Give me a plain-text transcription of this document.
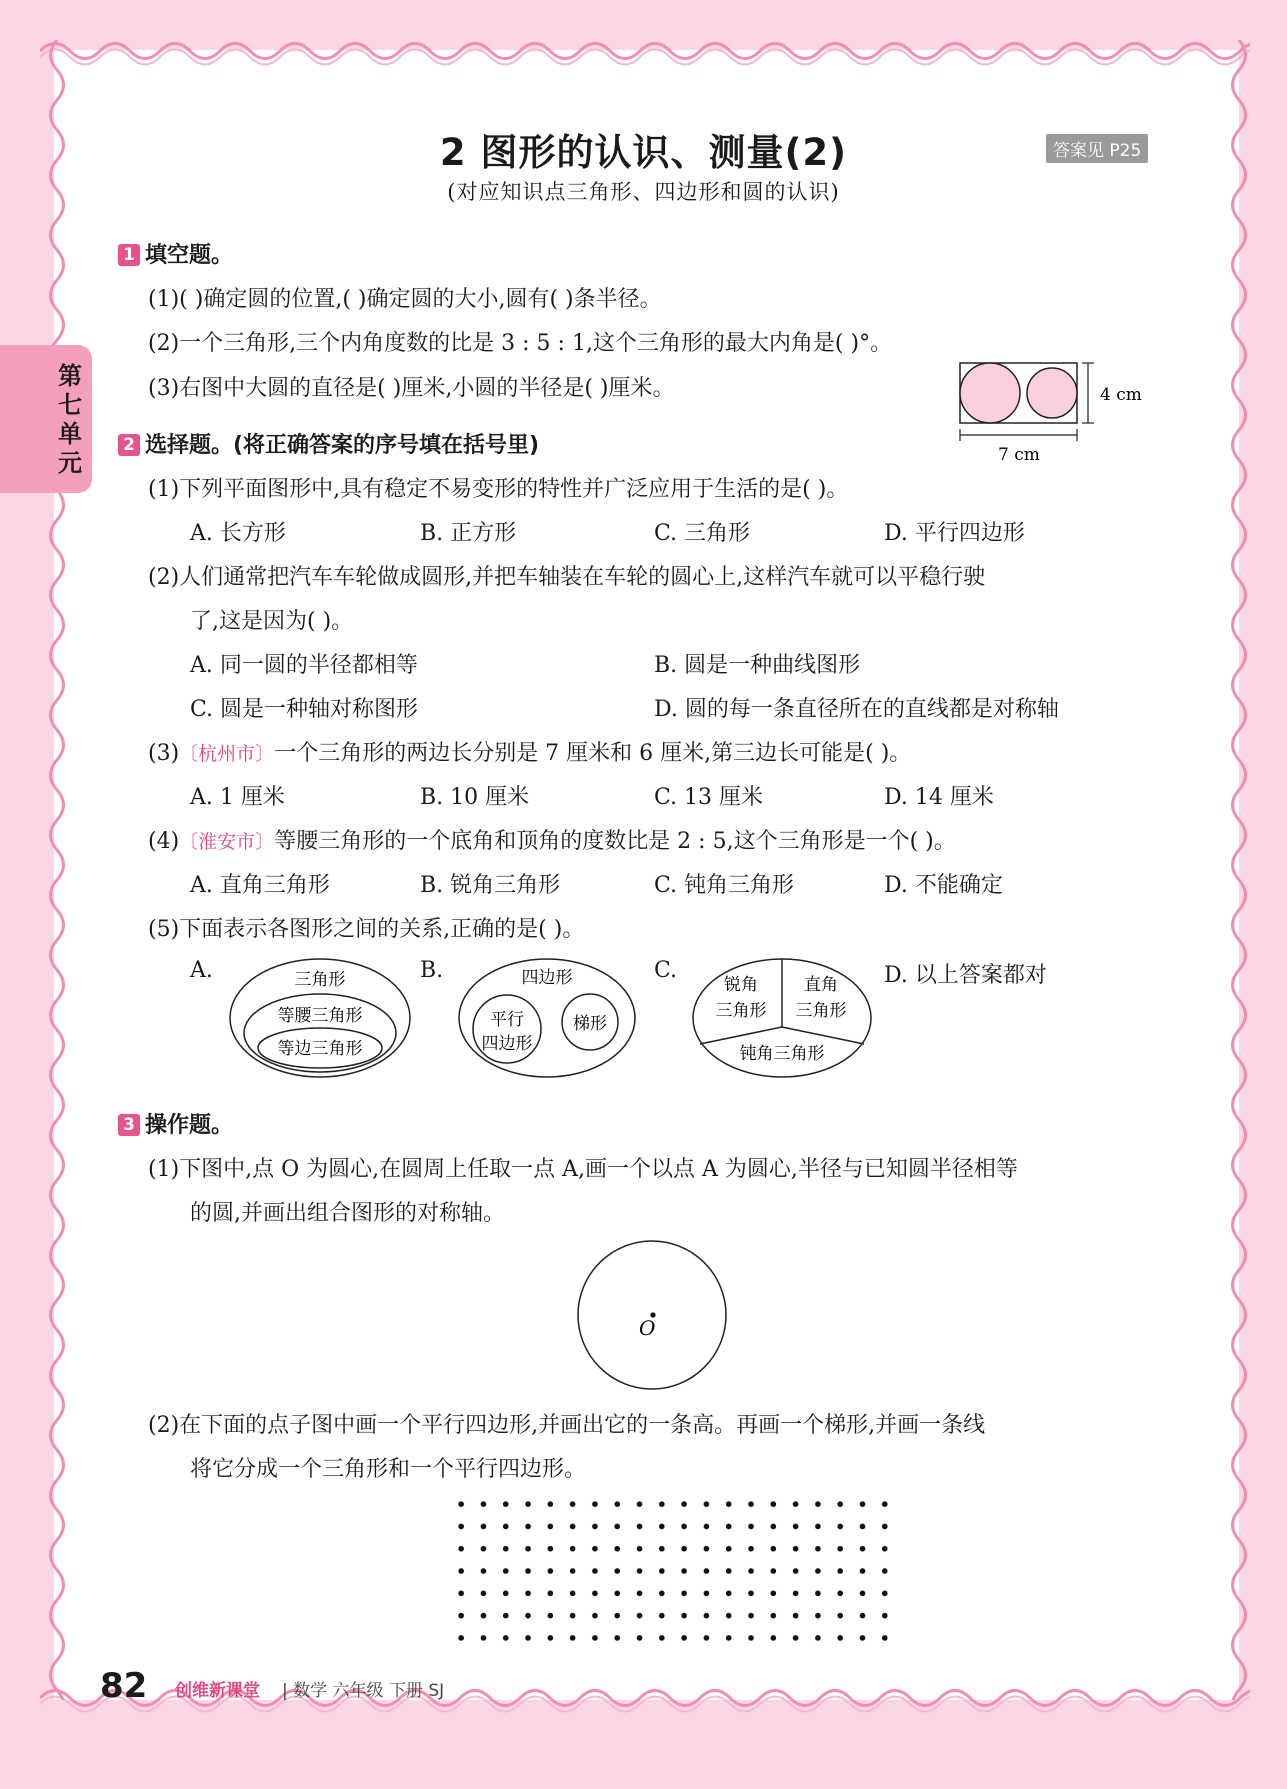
第七单元
2 图形的认识、测量(2)	答案见 P25
(对应知识点三角形、四边形和圆的认识)
1 填空题。
(1)( )确定圆的位置,( )确定圆的大小,圆有( )条半径。
(2)一个三角形,三个内角度数的比是 3 : 5 : 1,这个三角形的最大内角是( )°。
(3)右图中大圆的直径是( )厘米,小圆的半径是( )厘米。	4 cm
7 cm
2 选择题。(将正确答案的序号填在括号里)
(1)下列平面图形中,具有稳定不易变形的特性并广泛应用于生活的是( )。
A. 长方形	B. 正方形	C. 三角形	D. 平行四边形
(2)人们通常把汽车车轮做成圆形,并把车轴装在车轮的圆心上,这样汽车就可以平稳行驶
了,这是因为( )。
A. 同一圆的半径都相等	B. 圆是一种曲线图形
C. 圆是一种轴对称图形	D. 圆的每一条直径所在的直线都是对称轴
(3)〔杭州市〕一个三角形的两边长分别是 7 厘米和 6 厘米,第三边长可能是( )。
A. 1 厘米	B. 10 厘米	C. 13 厘米	D. 14 厘米
(4)〔淮安市〕等腰三角形的一个底角和顶角的度数比是 2 : 5,这个三角形是一个( )。
A. 直角三角形	B. 锐角三角形	C. 钝角三角形	D. 不能确定
(5)下面表示各图形之间的关系,正确的是( )。
A.	B.	C.	D. 以上答案都对
三角形
等腰三角形
等边三角形
四边形
平行
四边形
梯形
锐角
三角形
直角
三角形
钝角三角形
3 操作题。
(1)下图中,点 O 为圆心,在圆周上任取一点 A,画一个以点 A 为圆心,半径与已知圆半径相等
的圆,并画出组合图形的对称轴。
O
(2)在下面的点子图中画一个平行四边形,并画出它的一条高。再画一个梯形,并画一条线
将它分成一个三角形和一个平行四边形。
82 创维新课堂 | 数学 六年级 下册 SJ
